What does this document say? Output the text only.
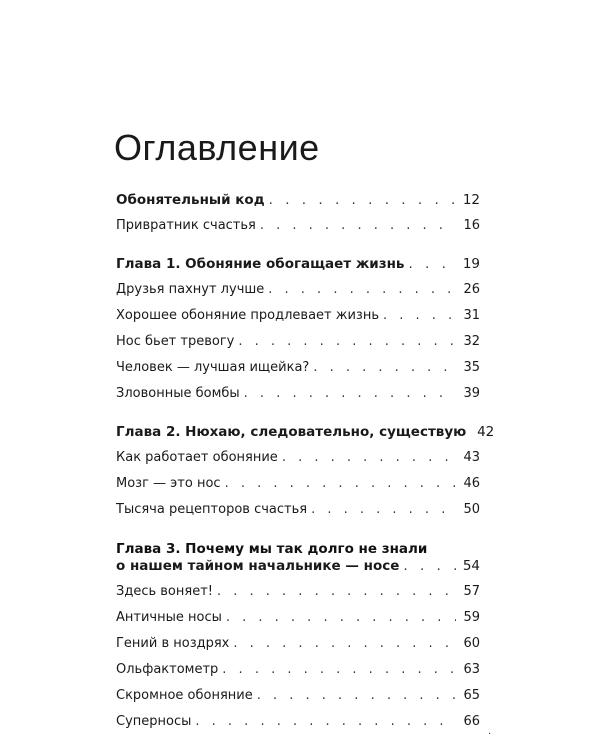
Оглавление
Обонятельный код . . .	12
Привратник счастья . . .	16
Глава 1. Обоняние обогащает жизнь . . .	19
Друзья пахнут лучше . . .	26
Хорошее обоняние продлевает жизнь . . .	31
Нос бьет тревогу . . .	32
Человек — лучшая ищейка? . . .	35
Зловонные бомбы . . .	39
Глава 2. Нюхаю, следовательно, существую 42
Как работает обоняние . . .	43
Мозг — это нос . . .	46
Тысяча рецепторов счастья . . .	50
Глава 3. Почему мы так долго не знали
о нашем тайном начальнике — носе . . .	54
Здесь воняет! . . .	57
Античные носы . . .	59
Гений в ноздрях . . .	60
Ольфактометр . . .	63
Скромное обоняние . . .	65
Суперносы . . .	66
·
